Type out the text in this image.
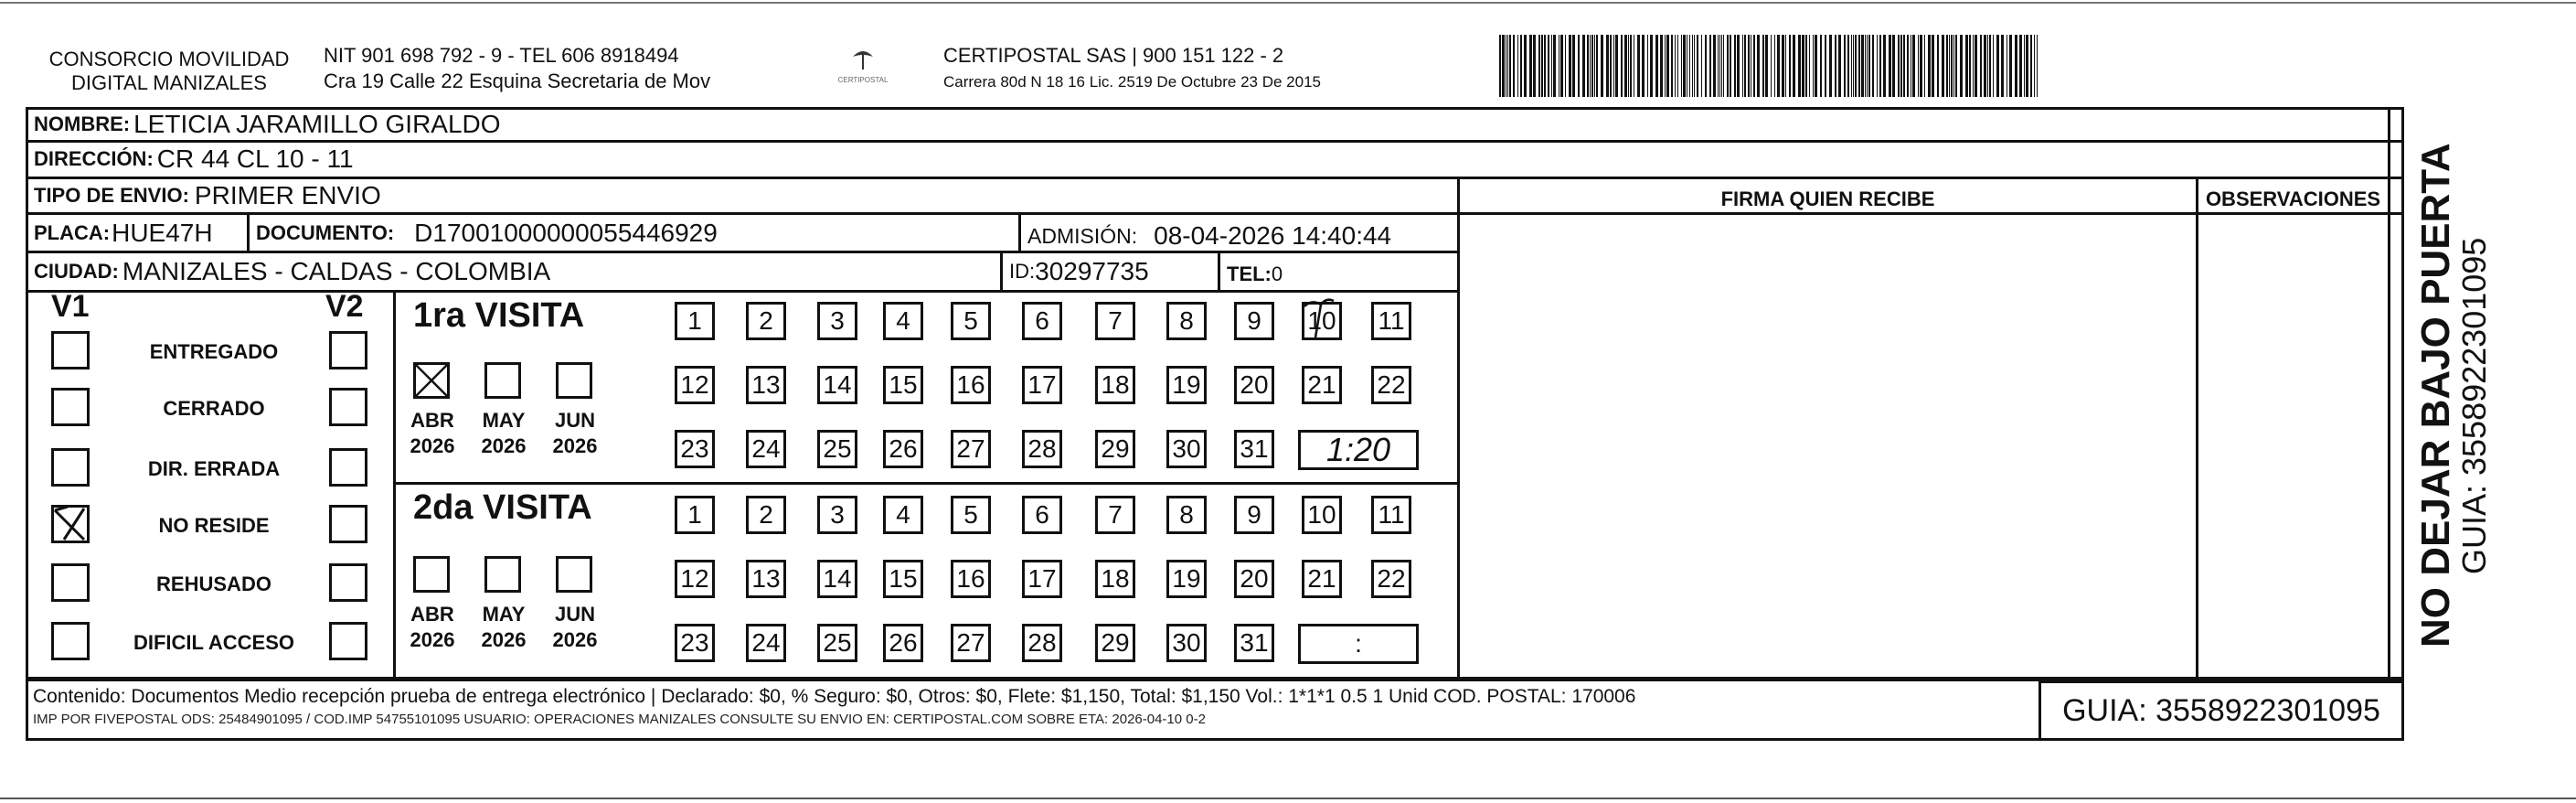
CONSORCIO MOVILIDAD
DIGITAL MANIZALES
NIT 901 698 792 - 9 - TEL 606 8918494
Cra 19 Calle 22 Esquina Secretaria de Mov	CERTIPOSTAL
CERTIPOSTAL SAS | 900 151 122 - 2
Carrera 80d N 18 16 Lic. 2519 De Octubre 23 De 2015
NOMBRE: LETICIA JARAMILLO GIRALDO
DIRECCIÓN: CR 44 CL 10 - 11
TIPO DE ENVIO: PRIMER ENVIO	FIRMA QUIEN RECIBE	OBSERVACIONES
PLACA: HUE47H DOCUMENTO: D17001000000055446929	ADMISIÓN: 08-04-2026 14:40:44
CIUDAD: MANIZALES - CALDAS - COLOMBIA	ID: 30297735	TEL: 0
V1	V2
ENTREGADO
CERRADO
DIR. ERRADA
NO RESIDE
REHUSADO
DIFICIL ACCESO
1ra VISITA
2da VISITA
ABR
2026
MAY
2026
JUN
2026
1	2	3	4	5	6	7	8	9	10 11
12 13 14 15 16 17 18 19 20 21 22
23 24 25 26 27 28 29 30 31	1:20
ABR
2026
MAY
2026
JUN
2026
1	2	3	4	5	6	7	8	9	10 11
12 13 14 15 16 17 18 19 20 21 22
23 24 25 26 27 28 29 30 31	:
Contenido: Documentos Medio recepción prueba de entrega electrónico | Declarado: $0, % Seguro: $0, Otros: $0, Flete: $1,150, Total: $1,150 Vol.: 1*1*1 0.5 1 Unid COD. POSTAL: 170006
IMP POR FIVEPOSTAL ODS: 25484901095 / COD.IMP 54755101095 USUARIO: OPERACIONES MANIZALES CONSULTE SU ENVIO EN: CERTIPOSTAL.COM SOBRE ETA: 2026-04-10 0-2	GUIA: 3558922301095
NO DEJAR BAJO PUERTA
GUIA: 3558922301095
